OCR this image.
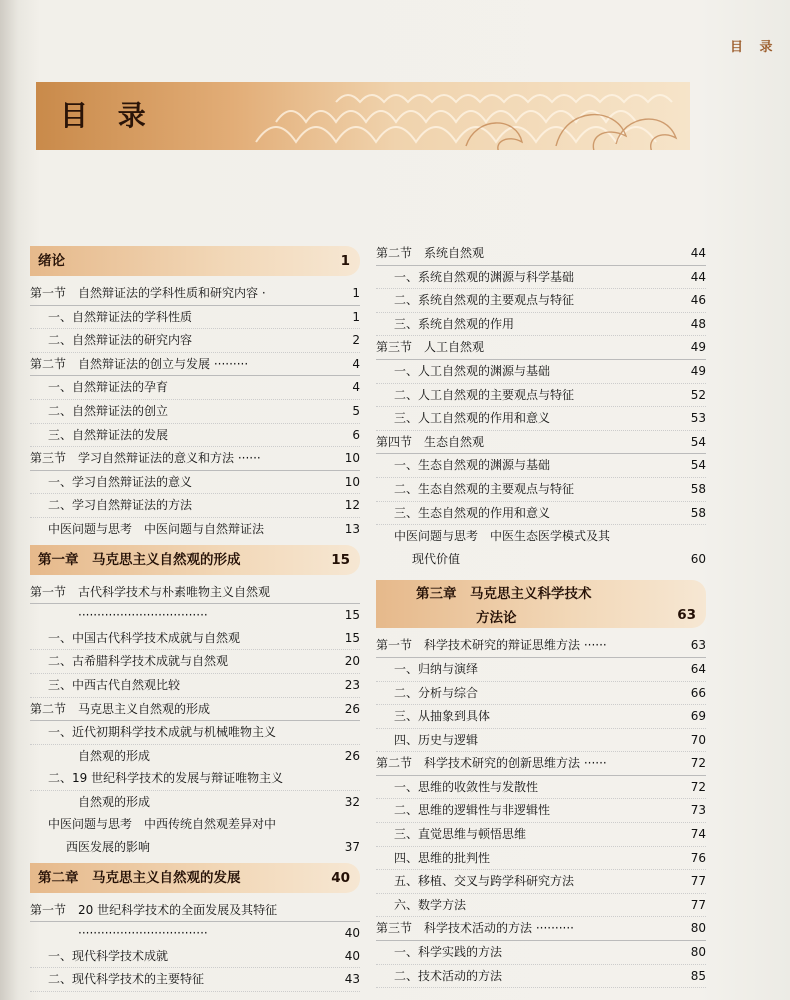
目 录
目 录
绪论	1
第一节　自然辩证法的学科性质和研究内容 ·	1
一、自然辩证法的学科性质	1
二、自然辩证法的研究内容	2
第二节　自然辩证法的创立与发展 ·········	4
一、自然辩证法的孕育	4
二、自然辩证法的创立	5
三、自然辩证法的发展	6
第三节　学习自然辩证法的意义和方法 ······	10
一、学习自然辩证法的意义	10
二、学习自然辩证法的方法	12
中医问题与思考　中医问题与自然辩证法	13
第一章　马克思主义自然观的形成	15
第一节　古代科学技术与朴素唯物主义自然观
··································	15
一、中国古代科学技术成就与自然观	15
二、古希腊科学技术成就与自然观	20
三、中西古代自然观比较	23
第二节　马克思主义自然观的形成	26
一、近代初期科学技术成就与机械唯物主义
自然观的形成	26
二、19 世纪科学技术的发展与辩证唯物主义
自然观的形成	32
中医问题与思考　中西传统自然观差异对中
西医发展的影响	37
第二章　马克思主义自然观的发展	40
第一节　20 世纪科学技术的全面发展及其特征
··································	40
一、现代科学技术成就	40
二、现代科学技术的主要特征	43
第二节　系统自然观	44
一、系统自然观的渊源与科学基础	44
二、系统自然观的主要观点与特征	46
三、系统自然观的作用	48
第三节　人工自然观	49
一、人工自然观的渊源与基础	49
二、人工自然观的主要观点与特征	52
三、人工自然观的作用和意义	53
第四节　生态自然观	54
一、生态自然观的渊源与基础	54
二、生态自然观的主要观点与特征	58
三、生态自然观的作用和意义	58
中医问题与思考　中医生态医学模式及其
现代价值	60
第三章　马克思主义科学技术
方法论	63
第一节　科学技术研究的辩证思维方法 ······	63
一、归纳与演绎	64
二、分析与综合	66
三、从抽象到具体	69
四、历史与逻辑	70
第二节　科学技术研究的创新思维方法 ······	72
一、思维的收敛性与发散性	72
二、思维的逻辑性与非逻辑性	73
三、直觉思维与顿悟思维	74
四、思维的批判性	76
五、移植、交叉与跨学科研究方法	77
六、数学方法	77
第三节　科学技术活动的方法 ··········	80
一、科学实践的方法	80
二、技术活动的方法	85
